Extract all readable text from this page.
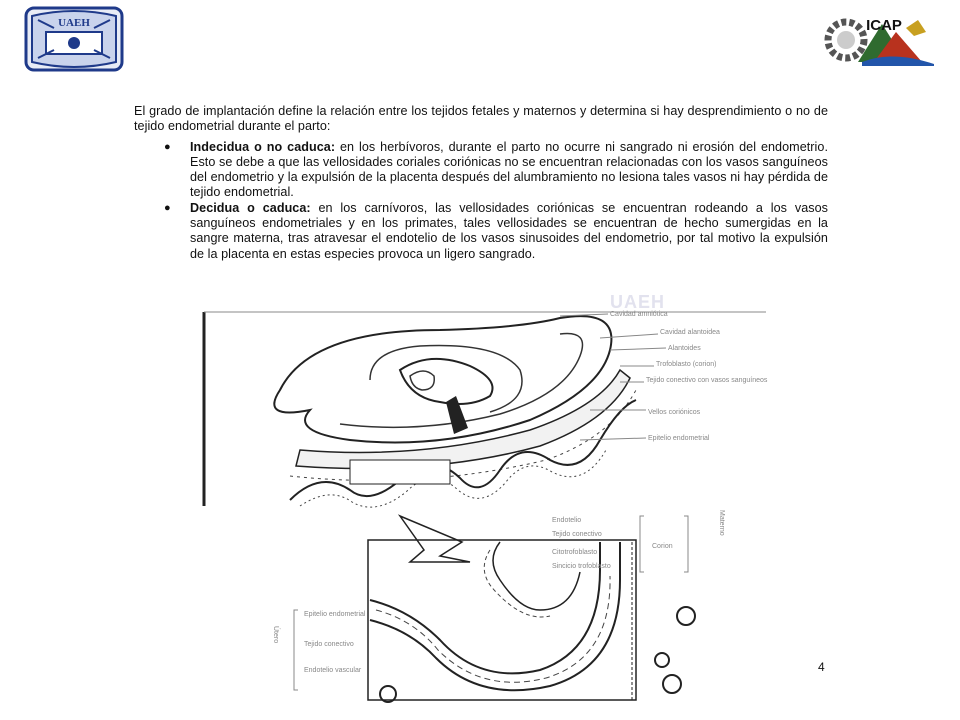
UAEH	ICAP

El grado de implantación define la relación entre los tejidos fetales y maternos y determina si hay desprendimiento o no de tejido endometrial durante el parto:

● Indecidua o no caduca: en los herbívoros, durante el parto no ocurre ni sangrado ni erosión del endometrio. Esto se debe a que las vellosidades coriales coriónicas no se encuentran relacionadas con los vasos sanguíneos del endometrio y la expulsión de la placenta después del alumbramiento no lesiona tales vasos ni hay pérdida de tejido endometrial.
● Decidua o caduca: en los carnívoros, las vellosidades coriónicas se encuentran rodeando a los vasos sanguíneos endometriales y en los primates, tales vellosidades se encuentran de hecho sumergidas en la sangre materna, tras atravesar el endotelio de los vasos sinusoides del endometrio, por tal motivo la expulsión de la placenta en estas especies provoca un ligero sangrado.
UAEH
Cavidad amniótica
Cavidad alantoidea
Alantoides
Trofoblasto (corion)
Tejido conectivo con vasos sanguíneos
Vellos coriónicos
Epitelio endometrial
Endotelio
Tejido conectivo
Citotrofoblasto
Sincicio trofoblasto
Corion
Materno
Epitelio endometrial
Tejido conectivo
Endotelio vascular
Útero
4
